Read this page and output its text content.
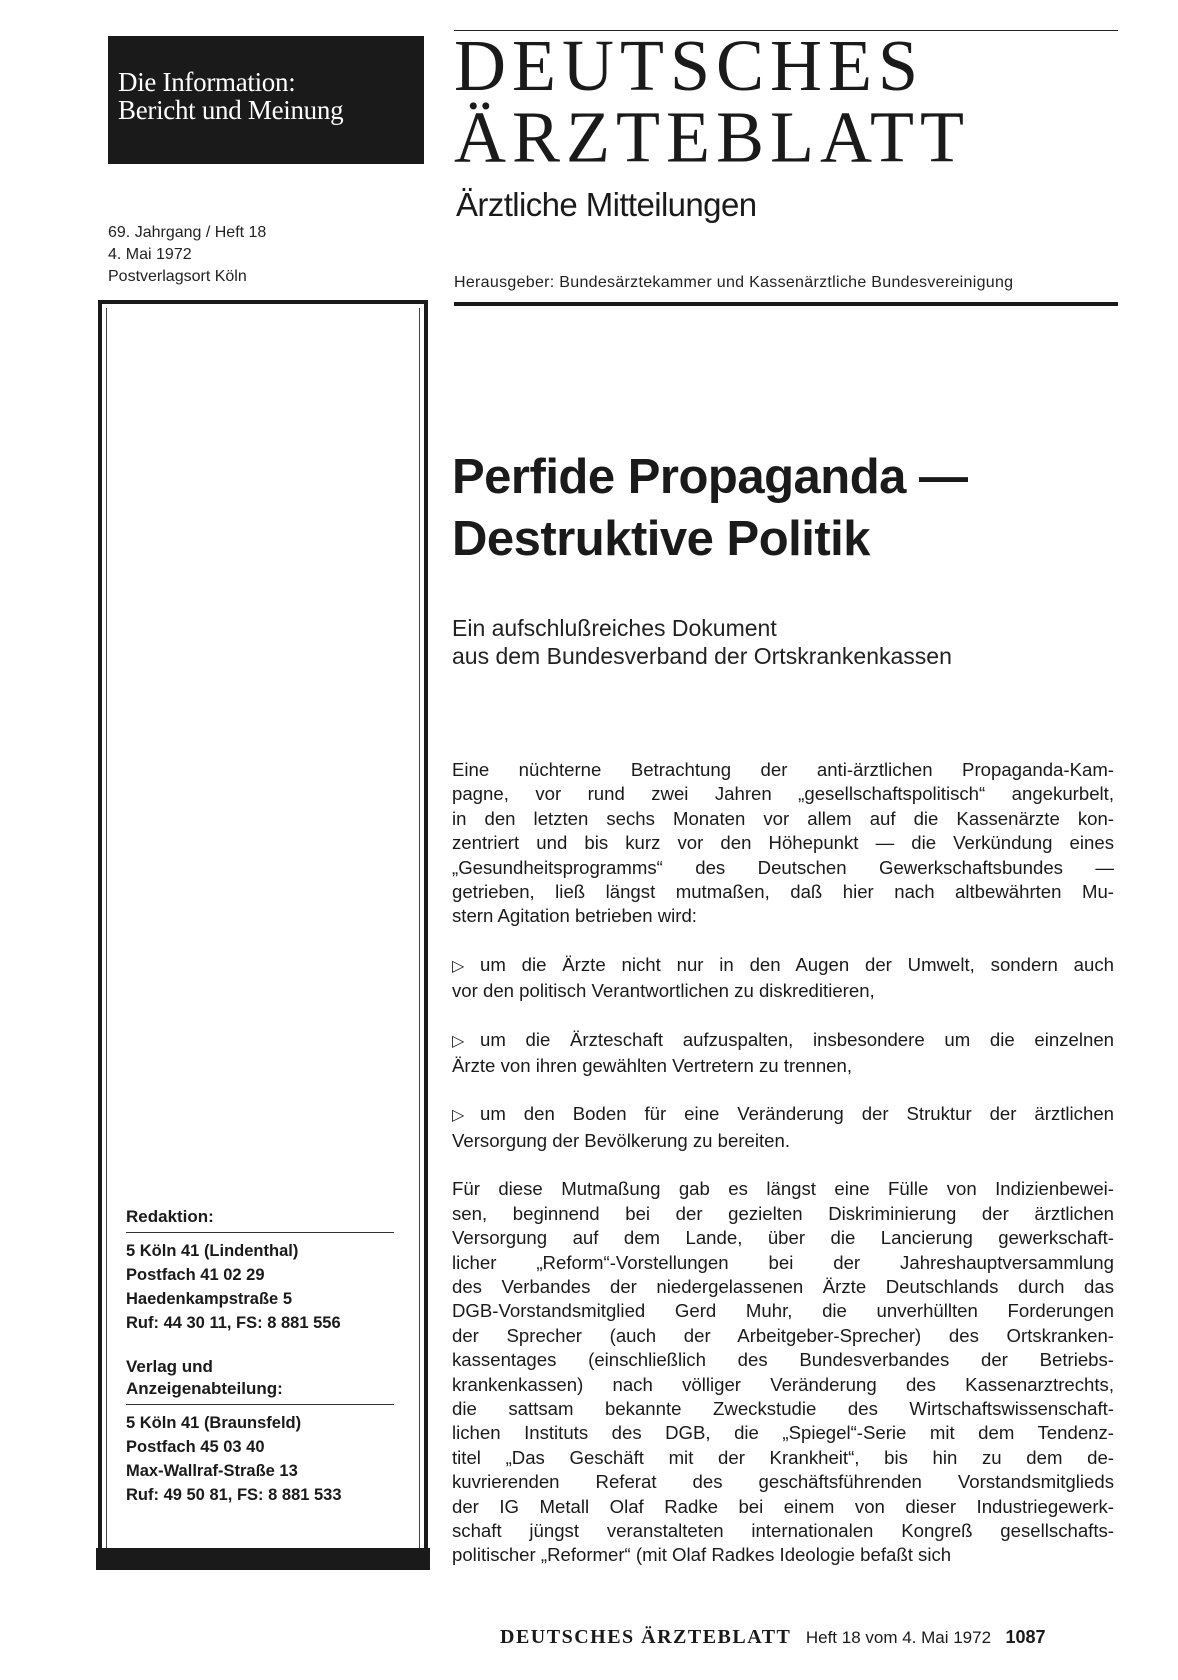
Die Information:
Bericht und Meinung
69. Jahrgang / Heft 18
4. Mai 1972
Postverlagsort Köln
DEUTSCHES
ÄRZTEBLATT
Ärztliche Mitteilungen
Herausgeber: Bundesärztekammer und Kassenärztliche Bundesvereinigung
Redaktion:
5 Köln 41 (Lindenthal)
Postfach 41 02 29
Haedenkampstraße 5
Ruf: 44 30 11, FS: 8 881 556
Verlag und
Anzeigenabteilung:
5 Köln 41 (Braunsfeld)
Postfach 45 03 40
Max-Wallraf-Straße 13
Ruf: 49 50 81, FS: 8 881 533
Perfide Propaganda —
Destruktive Politik
Ein aufschlußreiches Dokument
aus dem Bundesverband der Ortskrankenkassen

Eine nüchterne Betrachtung der anti-ärztlichen Propaganda-Kam-
pagne, vor rund zwei Jahren „gesellschaftspolitisch“ angekurbelt,
in den letzten sechs Monaten vor allem auf die Kassenärzte kon-
zentriert und bis kurz vor den Höhepunkt — die Verkündung eines
„Gesundheitsprogramms“ des Deutschen Gewerkschaftsbundes —
getrieben, ließ längst mutmaßen, daß hier nach altbewährten Mu-
stern Agitation betrieben wird:

▷ um die Ärzte nicht nur in den Augen der Umwelt, sondern auch
vor den politisch Verantwortlichen zu diskreditieren,
▷ um die Ärzteschaft aufzuspalten, insbesondere um die einzelnen
Ärzte von ihren gewählten Vertretern zu trennen,
▷ um den Boden für eine Veränderung der Struktur der ärztlichen
Versorgung der Bevölkerung zu bereiten.

Für diese Mutmaßung gab es längst eine Fülle von Indizienbewei-
sen, beginnend bei der gezielten Diskriminierung der ärztlichen
Versorgung auf dem Lande, über die Lancierung gewerkschaft-
licher „Reform“-Vorstellungen bei der Jahreshauptversammlung
des Verbandes der niedergelassenen Ärzte Deutschlands durch das
DGB-Vorstandsmitglied Gerd Muhr, die unverhüllten Forderungen
der Sprecher (auch der Arbeitgeber-Sprecher) des Ortskranken-
kassentages (einschließlich des Bundesverbandes der Betriebs-
krankenkassen) nach völliger Veränderung des Kassenarztrechts,
die sattsam bekannte Zweckstudie des Wirtschaftswissenschaft-
lichen Instituts des DGB, die „Spiegel“-Serie mit dem Tendenz-
titel „Das Geschäft mit der Krankheit“, bis hin zu dem de-
kuvrierenden Referat des geschäftsführenden Vorstandsmitglieds
der IG Metall Olaf Radke bei einem von dieser Industriegewerk-
schaft jüngst veranstalteten internationalen Kongreß gesellschafts-
politischer „Reformer“ (mit Olaf Radkes Ideologie befaßt sich

DEUTSCHES ÄRZTEBLATT Heft 18 vom 4. Mai 1972 1087
